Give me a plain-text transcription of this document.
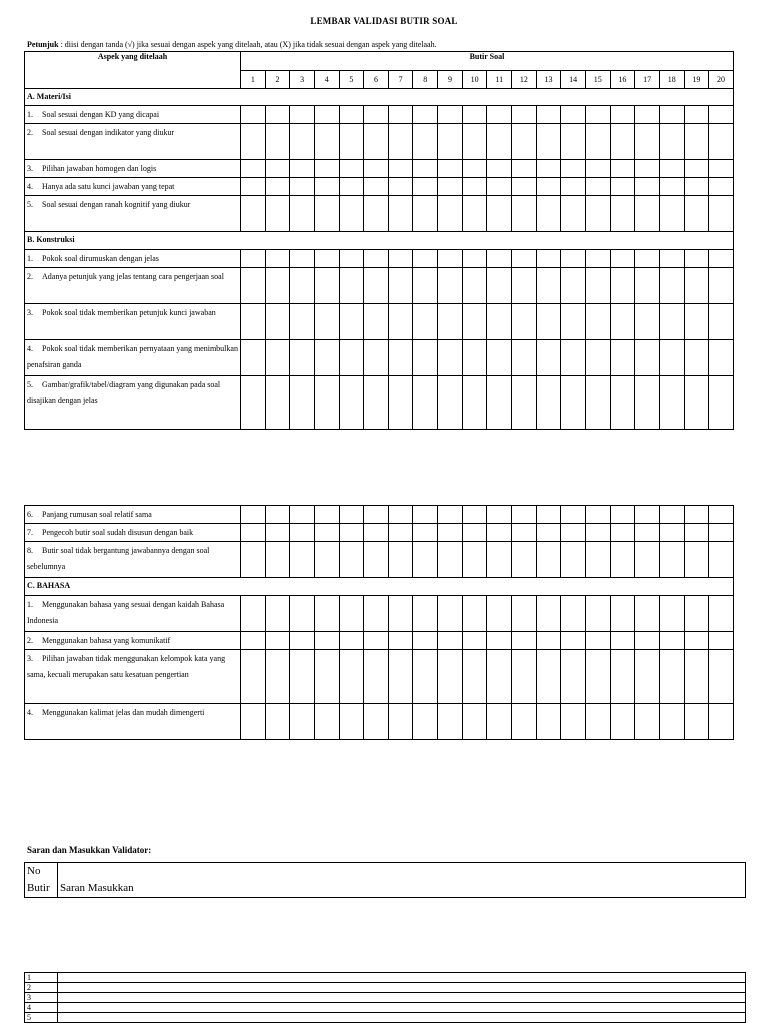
LEMBAR VALIDASI BUTIR SOAL
Petunjuk : diisi dengan tanda (√) jika sesuai dengan aspek yang ditelaah, atau (X) jika tidak sesuai dengan aspek yang ditelaah.
Aspek yang ditelaah	Butir Soal																			
	1	2	3	4	5	6	7	8	9	10	11	12	13	14	15	16	17	18	19	20
A. Materi/Isi																				
1. Soal sesuai dengan KD yang dicapai																				
2. Soal sesuai dengan indikator yang diukur																				
3. Pilihan jawaban homogen dan logis																				
4. Hanya ada satu kunci jawaban yang tepat																				
5. Soal sesuai dengan ranah kognitif yang diukur																				
B. Konstruksi																				
1. Pokok soal dirumuskan dengan jelas																				
2. Adanya petunjuk yang jelas tentang cara pengerjaan soal																				
3. Pokok soal tidak memberikan petunjuk kunci jawaban																				
4. Pokok soal tidak memberikan pernyataan yang menimbulkan penafsiran ganda																				
5. Gambar/grafik/tabel/diagram yang digunakan pada soal disajikan dengan jelas																				
6. Panjang rumusan soal relatif sama																				
7. Pengecoh butir soal sudah disusun dengan baik																				
8. Butir soal tidak bergantung jawabannya dengan soal sebelumnya																				
C. BAHASA																				
1. Menggunakan bahasa yang sesuai dengan kaidah Bahasa Indonesia																				
2. Menggunakan bahasa yang komunikatif																				
3. Pilihan jawaban tidak menggunakan kelompok kata yang sama, kecuali merupakan satu kesatuan pengertian																				
4. Menggunakan kalimat jelas dan mudah dimengerti																				
Saran dan Masukkan Validator:
No
Butir	Saran Masukkan
1	
2	
3	
4	
5	
